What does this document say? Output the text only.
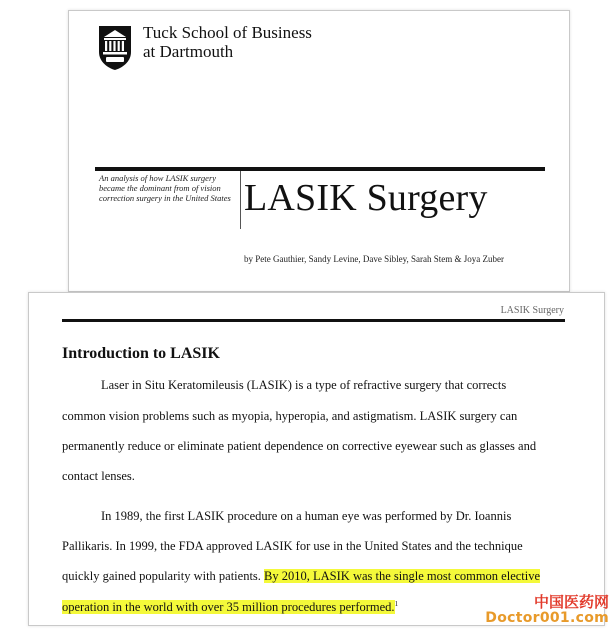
Tuck School of Business
at Dartmouth
An analysis of how LASIK surgery became the dominant from of vision correction surgery in the United States LASIK Surgery
by Pete Gauthier, Sandy Levine, Dave Sibley, Sarah Stem & Joya Zuber
LASIK Surgery
Introduction to LASIK
Laser in Situ Keratomileusis (LASIK) is a type of refractive surgery that corrects
common vision problems such as myopia, hyperopia, and astigmatism. LASIK surgery can
permanently reduce or eliminate patient dependence on corrective eyewear such as glasses and
contact lenses.
In 1989, the first LASIK procedure on a human eye was performed by Dr. Ioannis
Pallikaris. In 1999, the FDA approved LASIK for use in the United States and the technique
quickly gained popularity with patients. By 2010, LASIK was the single most common elective
operation in the world with over 35 million procedures performed.$^1$	中国医药网
Doctor001.com
